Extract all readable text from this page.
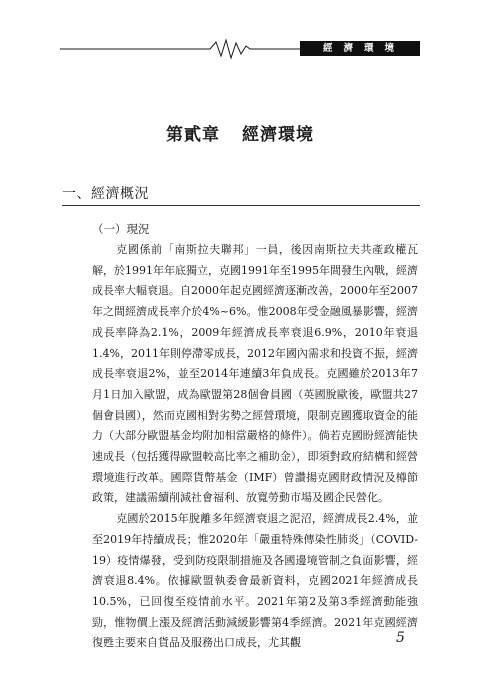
經濟環境
第貳章 經濟環境
一、經濟概況
（一）現況

克國係前「南斯拉夫聯邦」一員，後因南斯拉夫共產政權瓦解，於1991年年底獨立，克國1991年至1995年間發生內戰，經濟成長率大幅衰退。自2000年起克國經濟逐漸改善，2000年至2007年之間經濟成長率介於4%~6%。惟2008年受金融風暴影響，經濟成長率降為2.1%，2009年經濟成長率衰退6.9%，2010年衰退1.4%，2011年則停滯零成長，2012年國內需求和投資不振，經濟成長率衰退2%，並至2014年連續3年負成長。克國雖於2013年7月1日加入歐盟，成為歐盟第28個會員國（英國脫歐後，歐盟共27個會員國），然而克國相對劣勢之經營環境，限制克國獲取資金的能力（大部分歐盟基金均附加相當嚴格的條件）。倘若克國盼經濟能快速成長（包括獲得歐盟較高比率之補助金），即須對政府結構和經營環境進行改革。國際貨幣基金（IMF）曾讚揚克國財政情況及樽節政策，建議需續削減社會福利、放寬勞動市場及國企民營化。

克國於2015年脫離多年經濟衰退之泥沼，經濟成長2.4%，並至2019年持續成長；惟2020年「嚴重特殊傳染性肺炎」（COVID-19）疫情爆發，受到防疫限制措施及各國邊境管制之負面影響，經濟衰退8.4%。依據歐盟執委會最新資料，克國2021年經濟成長10.5%，已回復至疫情前水平。2021年第2及第3季經濟動能強勁，惟物價上漲及經濟活動減緩影響第4季經濟。2021年克國經濟復甦主要來自貨品及服務出口成長，尤其觀	5
